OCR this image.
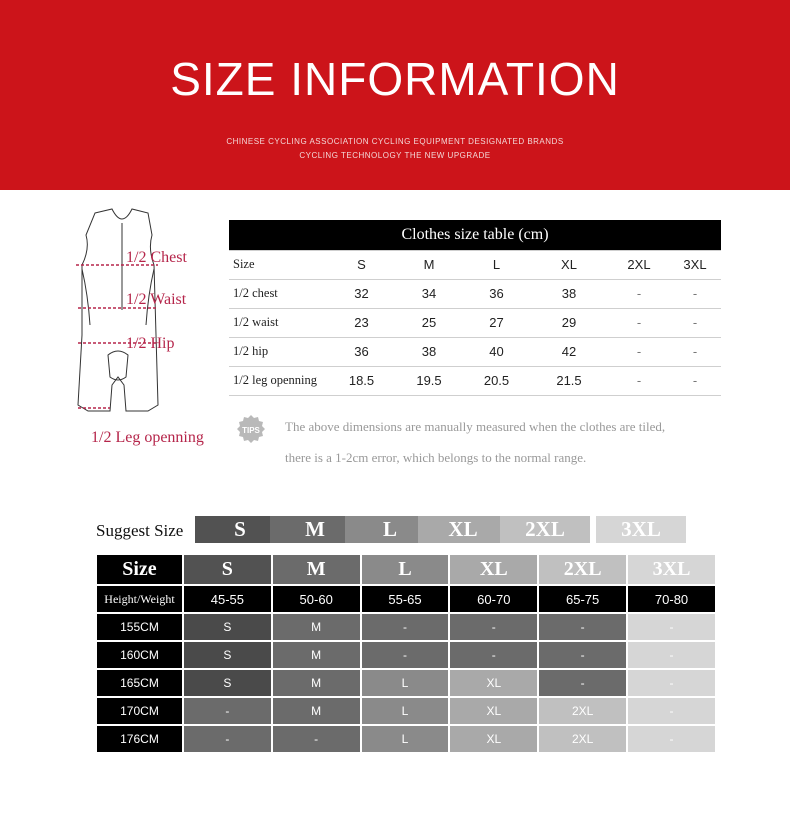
SIZE INFORMATION
CHINESE CYCLING ASSOCIATION CYCLING EQUIPMENT DESIGNATED BRANDS
CYCLING TECHNOLOGY THE NEW UPGRADE
1/2 Chest
1/2 Waist
1/2 Hip
1/2 Leg openning
Clothes size table (cm)						
Size	S	M	L	XL	2XL	3XL
1/2 chest	32	34	36	38	-	-
1/2 waist	23	25	27	29	-	-
1/2 hip	36	38	40	42	-	-
1/2 leg openning	18.5	19.5	20.5	21.5	-	-
TIPS The above dimensions are manually measured when the clothes are tiled,
there is a 1-2cm error, which belongs to the normal range.
Suggest Size	S	M	L	XL	2XL	3XL
Size	S	M	L	XL	2XL	3XL
Height/Weight	45-55	50-60	55-65	60-70	65-75	70-80
155CM	S	M	-	-	-	-
160CM	S	M	-	-	-	-
165CM	S	M	L	XL	-	-
170CM	-	M	L	XL	2XL	-
176CM	-	-	L	XL	2XL	-
